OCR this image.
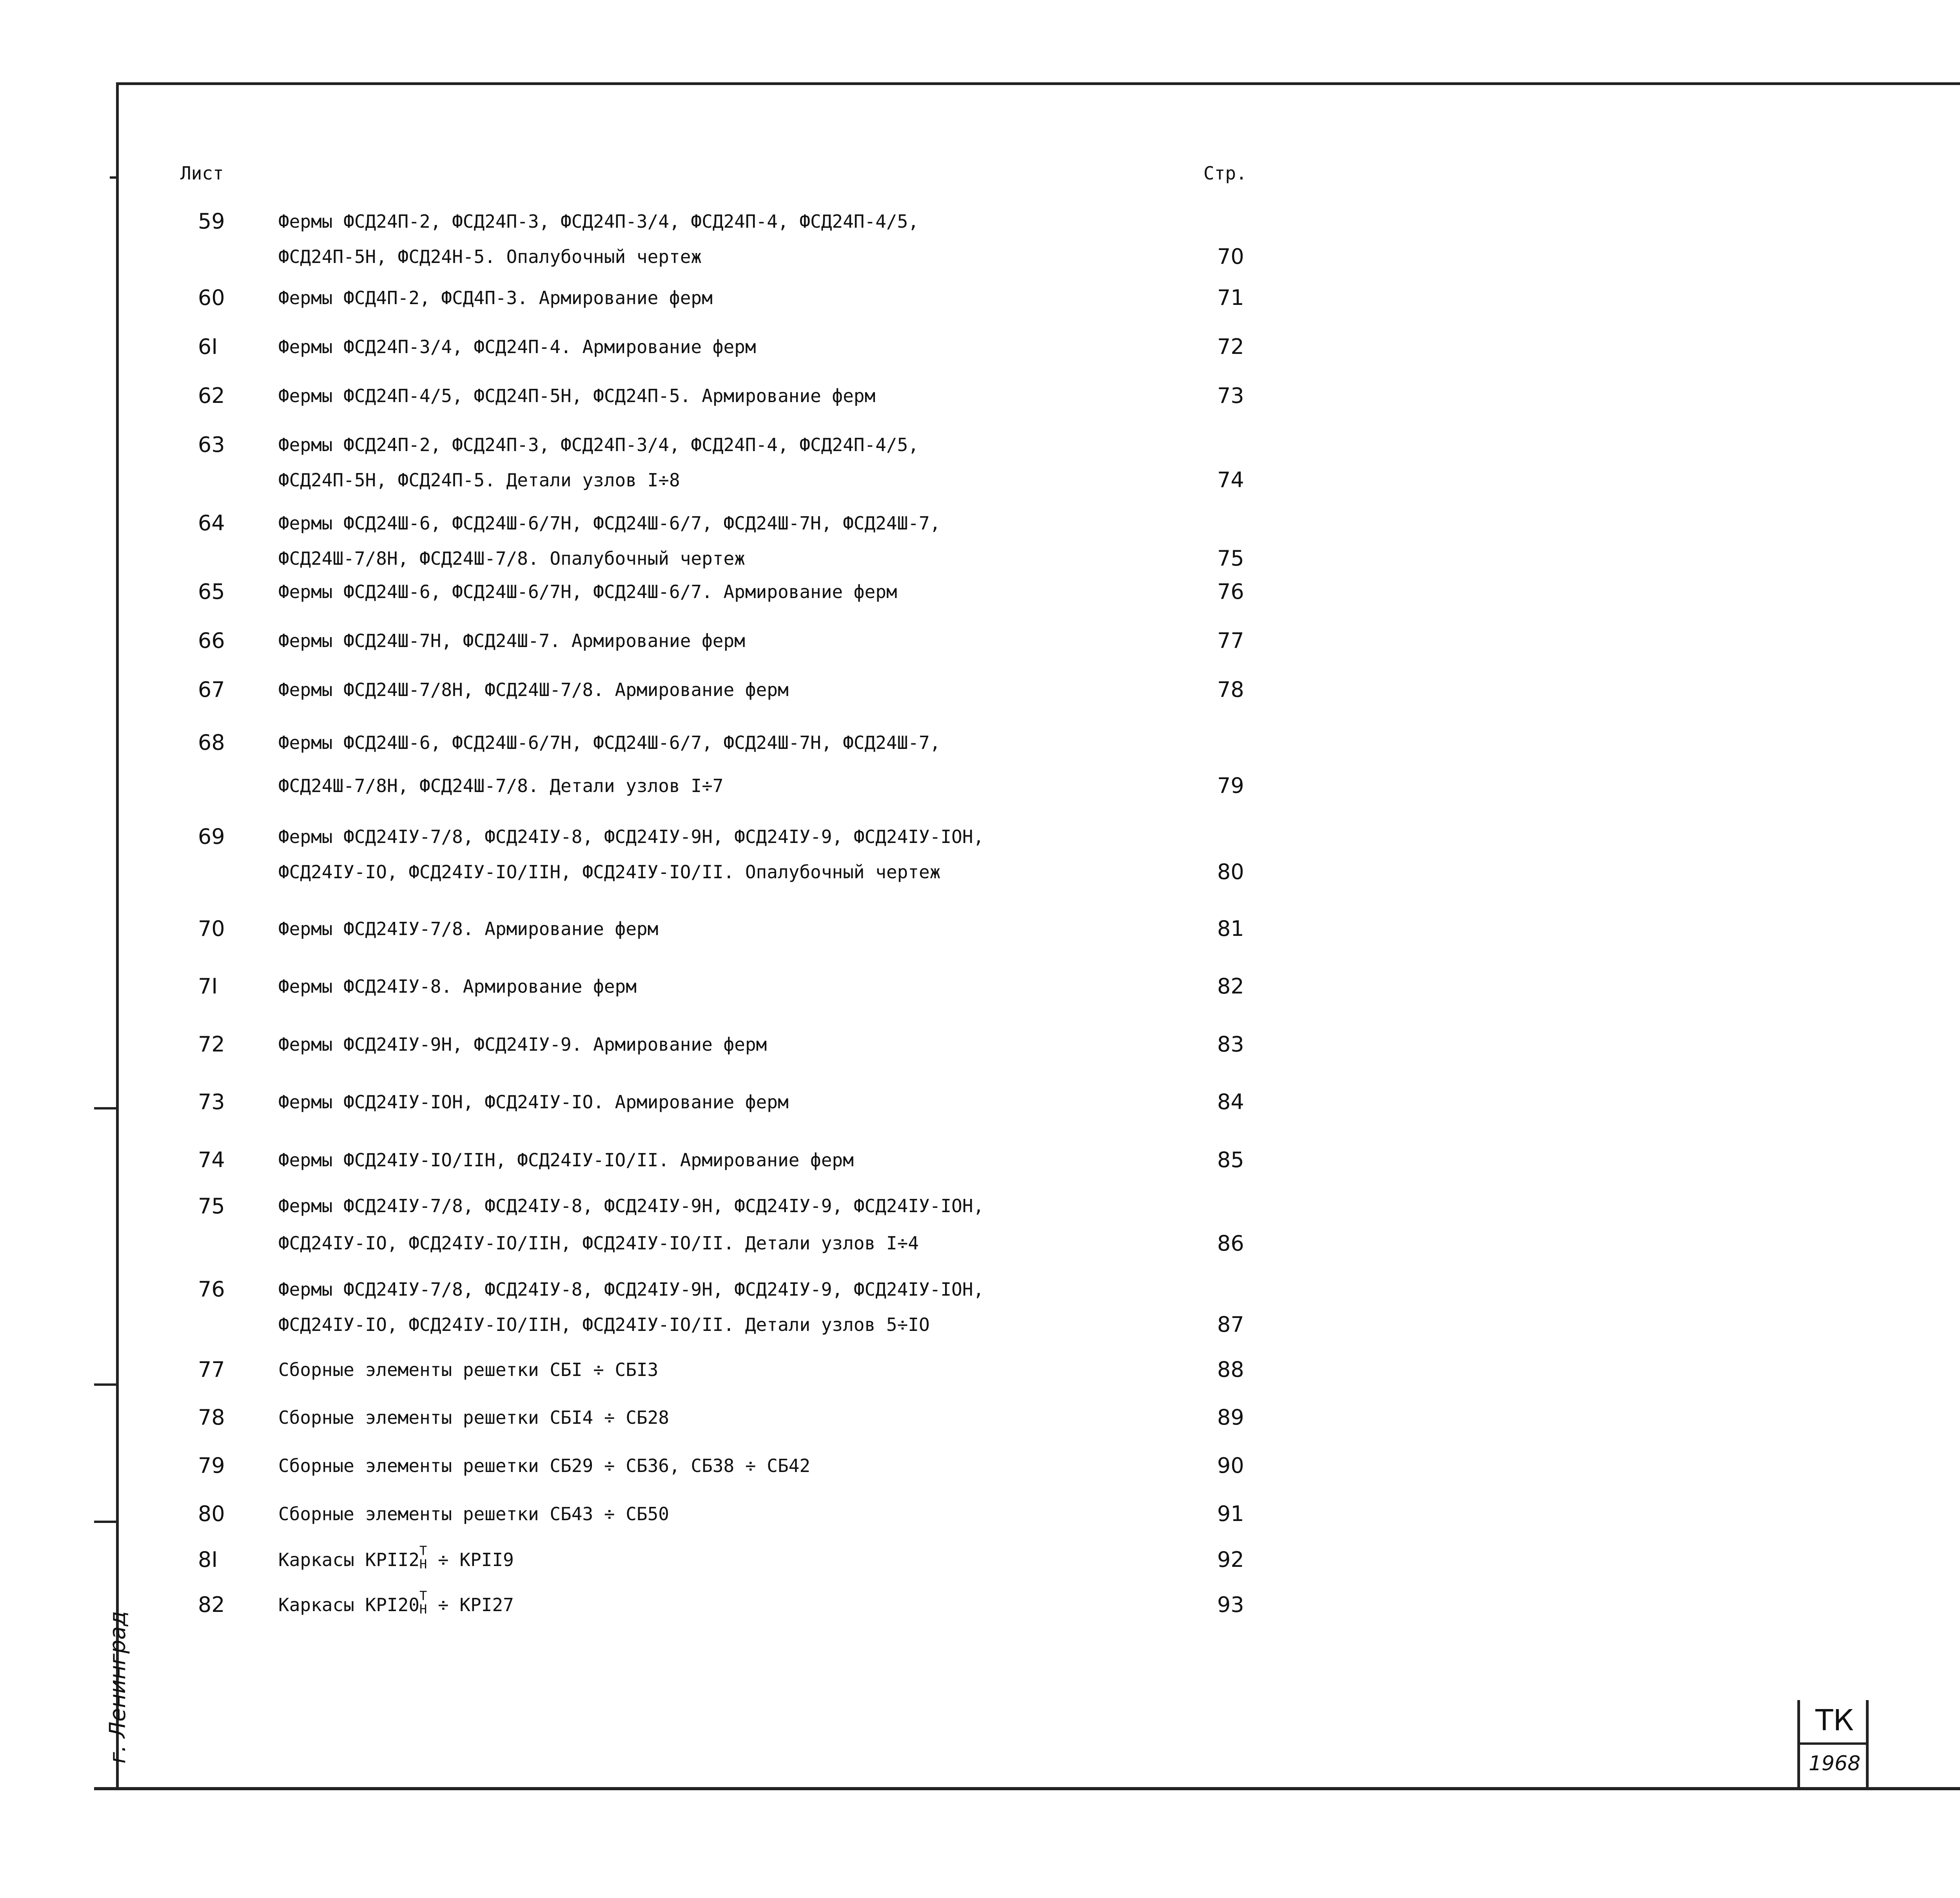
Лист	Стр.
59	Фермы ФСД24П-2, ФСД24П-3, ФСД24П-3/4, ФСД24П-4, ФСД24П-4/5,
ФСД24П-5Н, ФСД24Н-5. Опалубочный чертеж	70
60	Фермы ФСД4П-2, ФСД4П-3. Армирование ферм	71
6I	Фермы ФСД24П-3/4, ФСД24П-4. Армирование ферм	72
62	Фермы ФСД24П-4/5, ФСД24П-5Н, ФСД24П-5. Армирование ферм	73
63	Фермы ФСД24П-2, ФСД24П-3, ФСД24П-3/4, ФСД24П-4, ФСД24П-4/5,
ФСД24П-5Н, ФСД24П-5. Детали узлов I÷8	74
64	Фермы ФСД24Ш-6, ФСД24Ш-6/7Н, ФСД24Ш-6/7, ФСД24Ш-7Н, ФСД24Ш-7,
ФСД24Ш-7/8Н, ФСД24Ш-7/8. Опалубочный чертеж	75
65	Фермы ФСД24Ш-6, ФСД24Ш-6/7Н, ФСД24Ш-6/7. Армирование ферм	76
66	Фермы ФСД24Ш-7Н, ФСД24Ш-7. Армирование ферм	77
67	Фермы ФСД24Ш-7/8Н, ФСД24Ш-7/8. Армирование ферм	78
68	Фермы ФСД24Ш-6, ФСД24Ш-6/7Н, ФСД24Ш-6/7, ФСД24Ш-7Н, ФСД24Ш-7,
ФСД24Ш-7/8Н, ФСД24Ш-7/8. Детали узлов I÷7	79
69	Фермы ФСД24IУ-7/8, ФСД24IУ-8, ФСД24IУ-9Н, ФСД24IУ-9, ФСД24IУ-IОН,
ФСД24IУ-IО, ФСД24IУ-IО/IIН, ФСД24IУ-IО/II. Опалубочный чертеж	80
70	Фермы ФСД24IУ-7/8. Армирование ферм	81
7I	Фермы ФСД24IУ-8. Армирование ферм	82
72	Фермы ФСД24IУ-9Н, ФСД24IУ-9. Армирование ферм	83
73	Фермы ФСД24IУ-IОН, ФСД24IУ-IО. Армирование ферм	84
74	Фермы ФСД24IУ-IО/IIН, ФСД24IУ-IО/II. Армирование ферм	85
75	Фермы ФСД24IУ-7/8, ФСД24IУ-8, ФСД24IУ-9Н, ФСД24IУ-9, ФСД24IУ-IОН,
ФСД24IУ-IО, ФСД24IУ-IО/IIН, ФСД24IУ-IО/II. Детали узлов I÷4	86
76	Фермы ФСД24IУ-7/8, ФСД24IУ-8, ФСД24IУ-9Н, ФСД24IУ-9, ФСД24IУ-IОН,
ФСД24IУ-IО, ФСД24IУ-IО/IIН, ФСД24IУ-IО/II. Детали узлов 5÷IО	87
77	Сборные элементы решетки СБI ÷ СБI3	88
78	Сборные элементы решетки СБI4 ÷ СБ28	89
79	Сборные элементы решетки СБ29 ÷ СБ36, СБ38 ÷ СБ42	90
80	Сборные элементы решетки СБ43 ÷ СБ50	91
8I	Каркасы КРII2 Т
Н ÷ КРII9	92
82	Каркасы КРI20 Т
Н ÷ КРI27	93
г. Ленинград	ТК
1968
